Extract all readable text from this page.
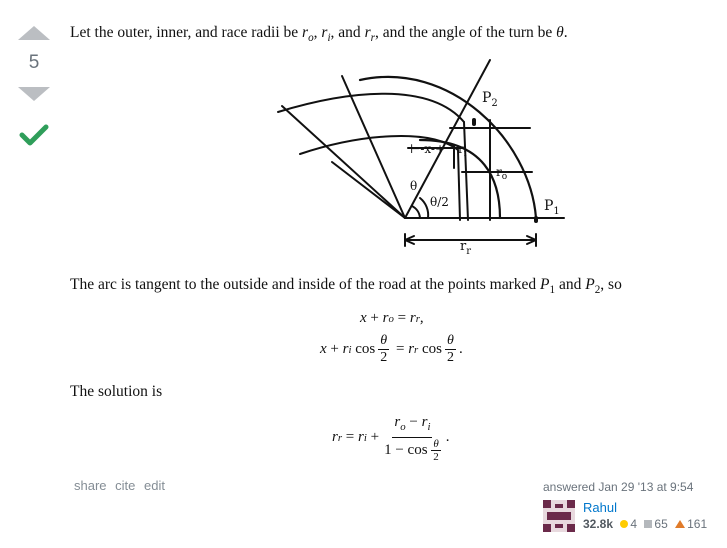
5
Let the outer, inner, and race radii be $r_o$, $r_i$, and $r_r$, and the angle of the turn be θ.
$P_2$
$P_1$
⊢-x-+ $r_i$
$r_o$
θ
θ/2
$r_r$
The arc is tangent to the outside and inside of the road at the points marked $P_1$ and $P_2$, so
x + r o = r r ,
x + r i $\cos \frac{\theta}{2} = r$ r $\cos \frac{\theta}{2}$ .
The solution is
r r = r $i + \frac{r_o - r_i}{1 - \cos \frac{\theta}{2}}$ .
share cite edit	answered Jan 29 '13 at 9:54
Rahul
32.8k 4 65 161
